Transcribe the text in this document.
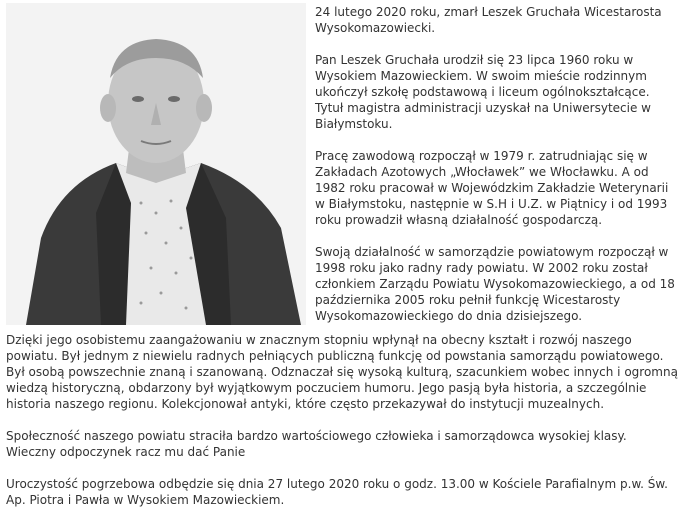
24 lutego 2020 roku, zmarł Leszek Gruchała Wicestarosta Wysokomazowiecki.

Pan Leszek Gruchała urodził się 23 lipca 1960 roku w Wysokiem Mazowieckiem. W swoim mieście rodzinnym ukończył szkołę podstawową i liceum ogólnokształcące. Tytuł magistra administracji uzyskał na Uniwersytecie w Białymstoku.

Pracę zawodową rozpoczął w 1979 r. zatrudniając się w Zakładach Azotowych „Włocławek” we Włocławku. A od 1982 roku pracował w Wojewódzkim Zakładzie Weterynarii w Białymstoku, następnie w S.H i U.Z. w Piątnicy i od 1993 roku prowadził własną działalność gospodarczą.

Swoją działalność w samorządzie powiatowym rozpoczął w 1998 roku jako radny rady powiatu. W 2002 roku został członkiem Zarządu Powiatu Wysokomazowieckiego, a od 18 października 2005 roku pełnił funkcję Wicestarosty Wysokomazowieckiego do dnia dzisiejszego.

Dzięki jego osobistemu zaangażowaniu w znacznym stopniu wpłynął na obecny kształt i rozwój naszego powiatu. Był jednym z niewielu radnych pełniących publiczną funkcję od powstania samorządu powiatowego. Był osobą powszechnie znaną i szanowaną. Odznaczał się wysoką kulturą, szacunkiem wobec innych i ogromną wiedzą historyczną, obdarzony był wyjątkowym poczuciem humoru. Jego pasją była historia, a szczególnie historia naszego regionu. Kolekcjonował antyki, które często przekazywał do instytucji muzealnych.

Społeczność naszego powiatu straciła bardzo wartościowego człowieka i samorządowca wysokiej klasy.
Wieczny odpoczynek racz mu dać Panie

Uroczystość pogrzebowa odbędzie się dnia 27 lutego 2020 roku o godz. 13.00 w Kościele Parafialnym p.w. Św. Ap. Piotra i Pawła w Wysokiem Mazowieckiem.
